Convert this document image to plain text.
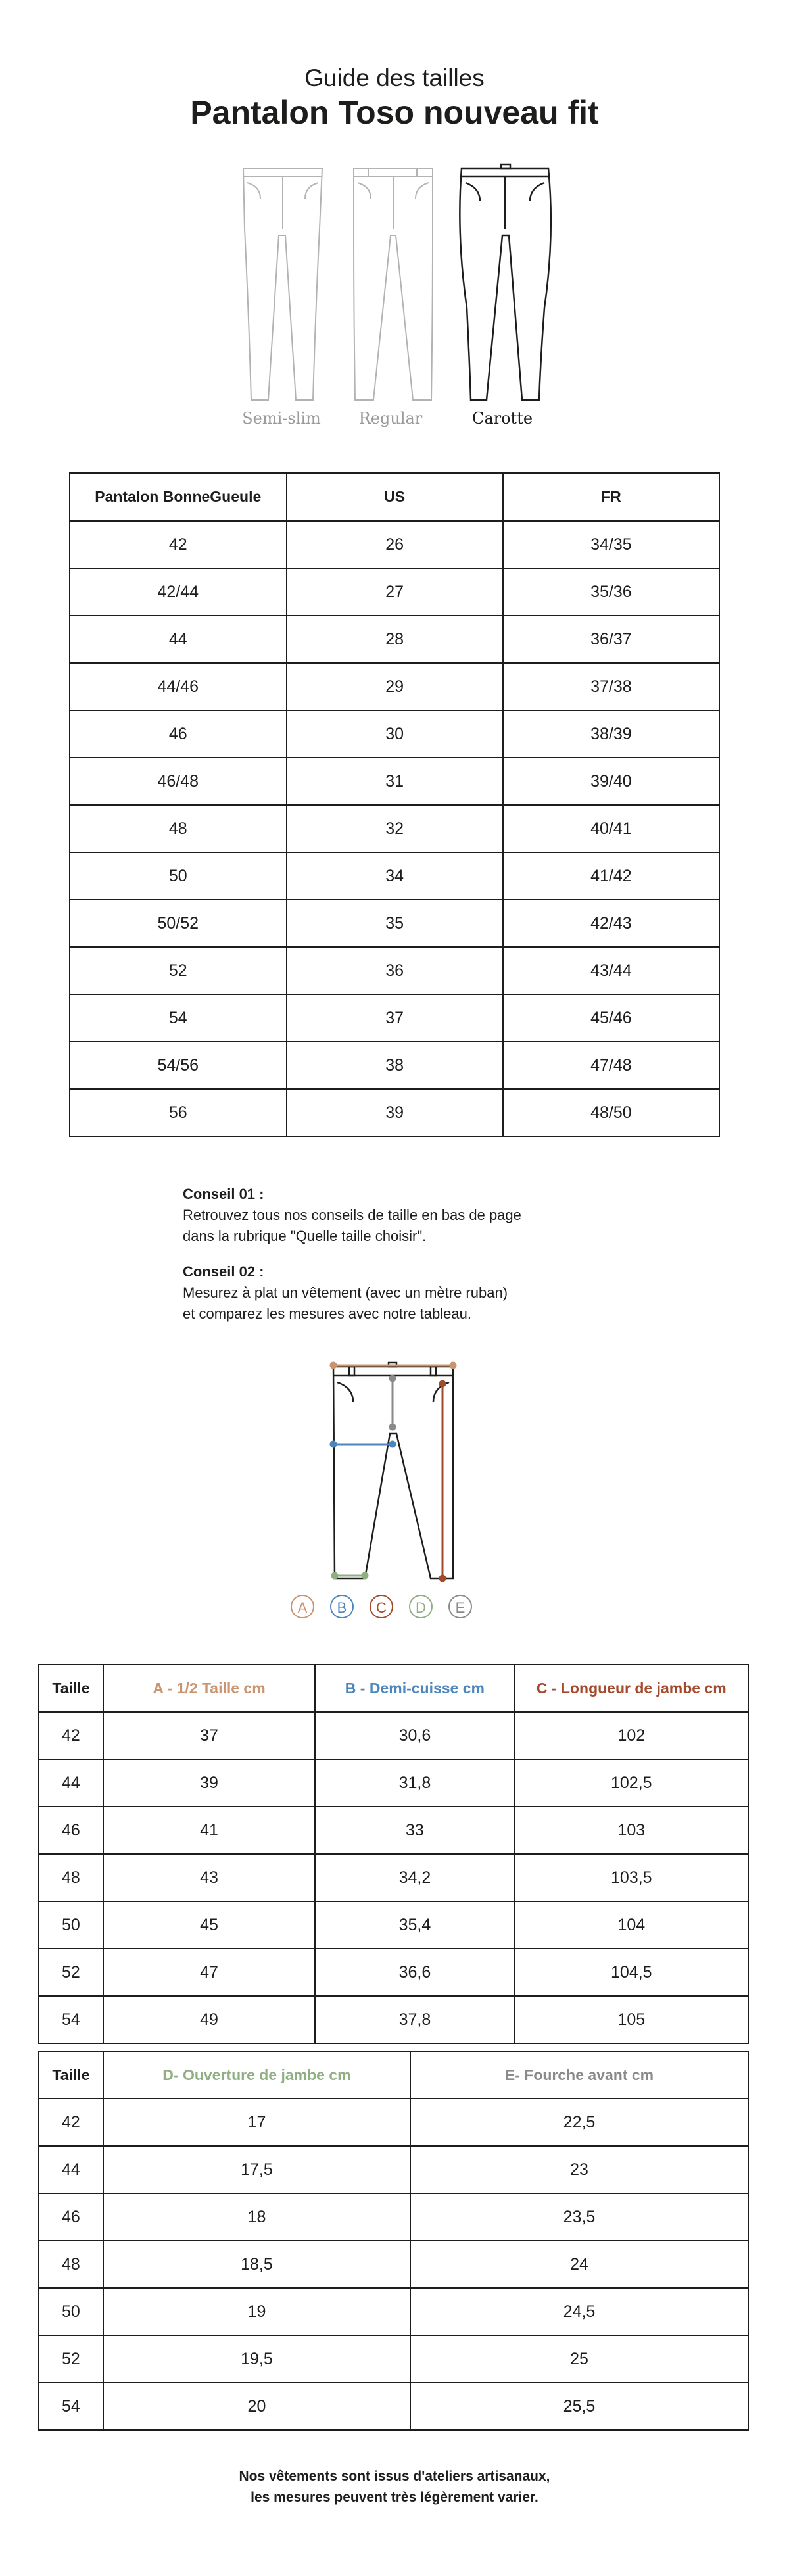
Guide des tailles
Pantalon Toso nouveau fit
Semi-slim	Regular	Carotte
Pantalon BonneGueule	US	FR
42	26	34/35
42/44	27	35/36
44	28	36/37
44/46	29	37/38
46	30	38/39
46/48	31	39/40
48	32	40/41
50	34	41/42
50/52	35	42/43
52	36	43/44
54	37	45/46
54/56	38	47/48
56	39	48/50
Conseil 01 :
Retrouvez tous nos conseils de taille en bas de page
dans la rubrique "Quelle taille choisir".
Conseil 02 :
Mesurez à plat un vêtement (avec un mètre ruban)
et comparez les mesures avec notre tableau.
A	B	C	D	E
Taille	A - 1/2 Taille cm	B - Demi-cuisse cm	C - Longueur de jambe cm
42	37	30,6	102
44	39	31,8	102,5
46	41	33	103
48	43	34,2	103,5
50	45	35,4	104
52	47	36,6	104,5
54	49	37,8	105
Taille	D- Ouverture de jambe cm	E- Fourche avant cm
42	17	22,5
44	17,5	23
46	18	23,5
48	18,5	24
50	19	24,5
52	19,5	25
54	20	25,5
Nos vêtements sont issus d'ateliers artisanaux,
les mesures peuvent très légèrement varier.
